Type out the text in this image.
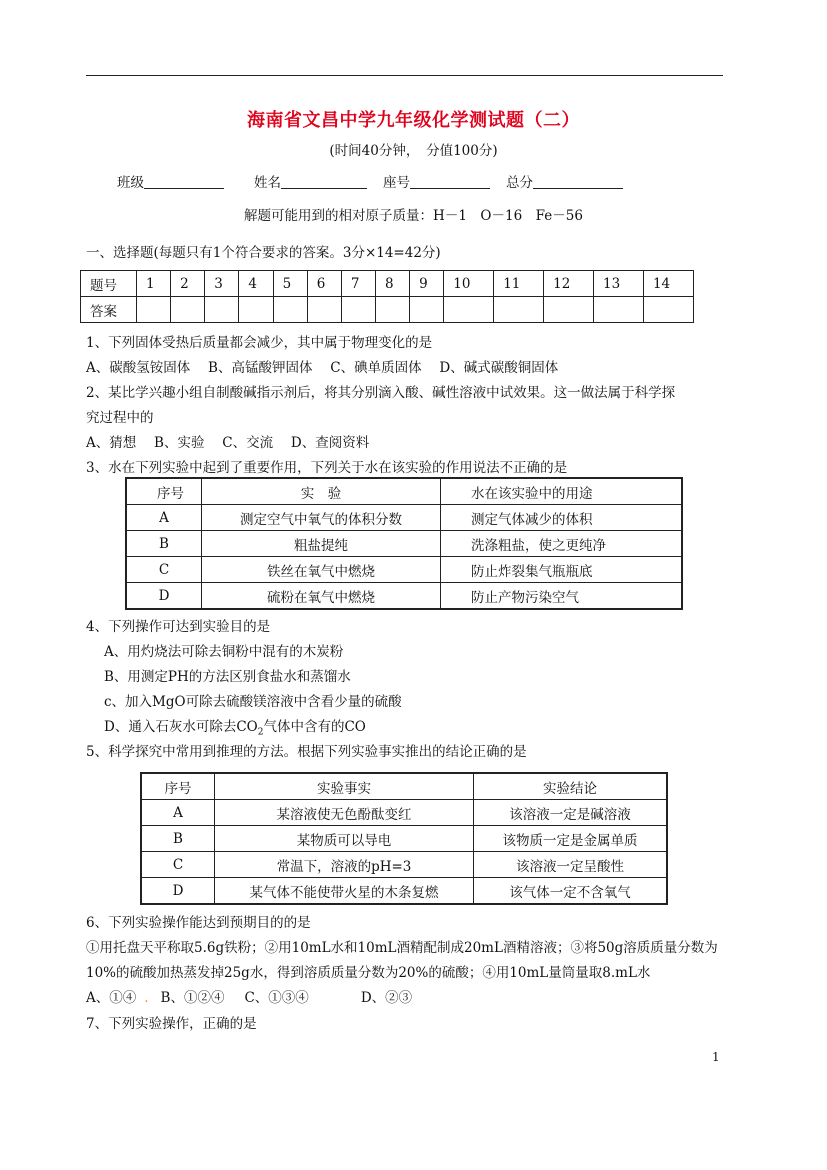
海南省文昌中学九年级化学测试题（二）
(时间40分钟，　分值100分)
班级	姓名	座号	总分
解题可能用到的相对原子质量：H－1　O－16　Fe－56
一、选择题(每题只有1个符合要求的答案。3分×14=42分)
题号	1	2	3	4	5	6	7	8	9	10	11	12	13	14
答案														
1、下列固体受热后质量都会减少，其中属于物理变化的是
A、碳酸氢铵固体　 B、高锰酸钾固体　 C、碘单质固体　 D、碱式碳酸铜固体
2、某比学兴趣小组自制酸碱指示剂后，将其分别滴入酸、碱性溶液中试效果。这一做法属于科学探
究过程中的
A、猜想　 B、实验　 C、交流　 D、查阅资料
3、水在下列实验中起到了重要作用，下列关于水在该实验的作用说法不正确的是
序号	实　验	水在该实验中的用途
A	测定空气中氧气的体积分数	测定气体减少的体积
B	粗盐提纯	洗涤粗盐，使之更纯净
C	铁丝在氧气中燃烧	防止炸裂集气瓶瓶底
D	硫粉在氧气中燃烧	防止产物污染空气
4、下列操作可达到实验目的是
A、用灼烧法可除去铜粉中混有的木炭粉
B、用测定PH的方法区别食盐水和蒸馏水
c、加入MgO可除去硫酸镁溶液中含看少量的硫酸
D、通入石灰水可除去$CO_2$气体中含有的CO
5、科学探究中常用到推理的方法。根据下列实验事实推出的结论正确的是
序号	实验事实	实验结论
A	某溶液使无色酚酞变红	该溶液一定是碱溶液
B	某物质可以导电	该物质一定是金属单质
C	常温下，溶液的pH=3	该溶液一定呈酸性
D	某气体不能使带火星的木条复燃	该气体一定不含氧气
6、下列实验操作能达到预期目的的是
①用托盘天平称取5.6g铁粉；②用10mL水和10mL酒精配制成20mL酒精溶液；③将50g溶质质量分数为
10%的硫酸加热蒸发掉25g水，得到溶质质量分数为20%的硫酸；④用10mL量筒量取8.mL水
A、①④ . B、①②④ C、①③④	D、②③
7、下列实验操作，正确的是
1
